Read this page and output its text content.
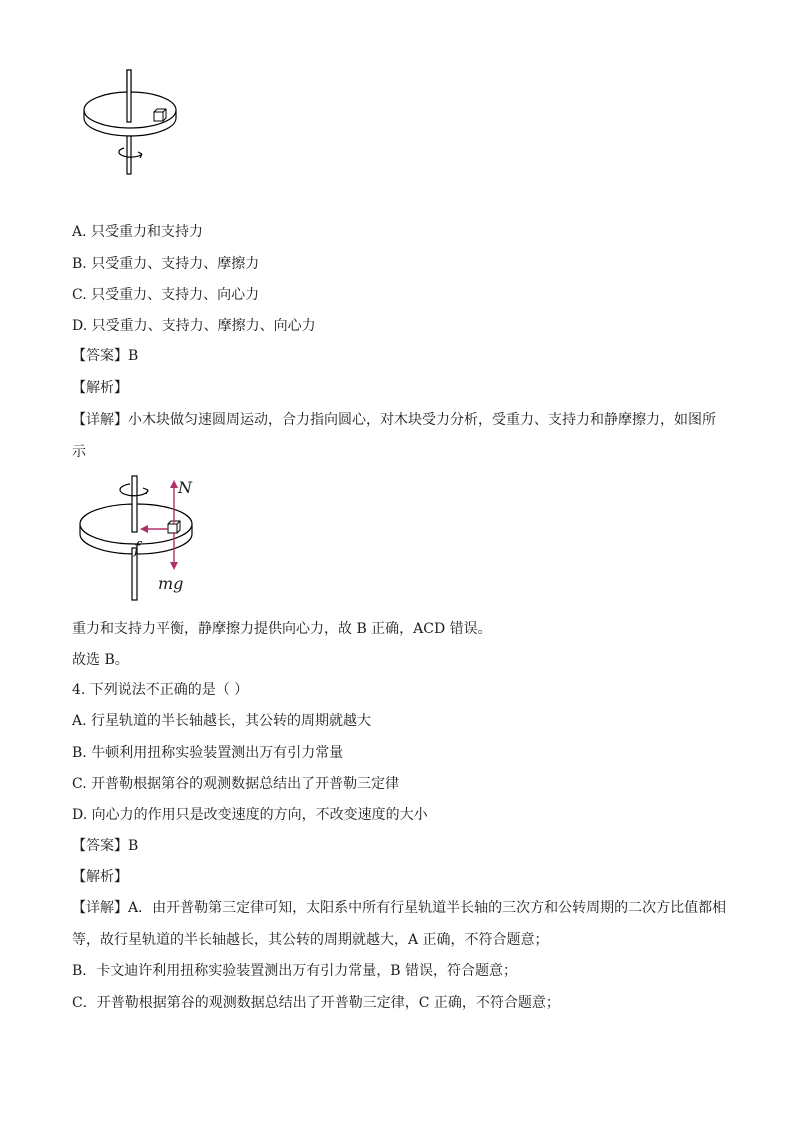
A. 只受重力和支持力
B. 只受重力、支持力、摩擦力
C. 只受重力、支持力、向心力
D. 只受重力、支持力、摩擦力、向心力
【答案】B
【解析】
【详解】小木块做匀速圆周运动，合力指向圆心，对木块受力分析，受重力、支持力和静摩擦力，如图所
示
N
f
mg
重力和支持力平衡，静摩擦力提供向心力，故 B 正确，ACD 错误。
故选 B。
4. 下列说法不正确的是（ ）
A. 行星轨道的半长轴越长，其公转的周期就越大
B. 牛顿利用扭称实验装置测出万有引力常量
C. 开普勒根据第谷的观测数据总结出了开普勒三定律
D. 向心力的作用只是改变速度的方向，不改变速度的大小
【答案】B
【解析】
【详解】A．由开普勒第三定律可知，太阳系中所有行星轨道半长轴的三次方和公转周期的二次方比值都相
等，故行星轨道的半长轴越长，其公转的周期就越大，A 正确，不符合题意；
B．卡文迪许利用扭称实验装置测出万有引力常量，B 错误，符合题意；
C．开普勒根据第谷的观测数据总结出了开普勒三定律，C 正确，不符合题意；
